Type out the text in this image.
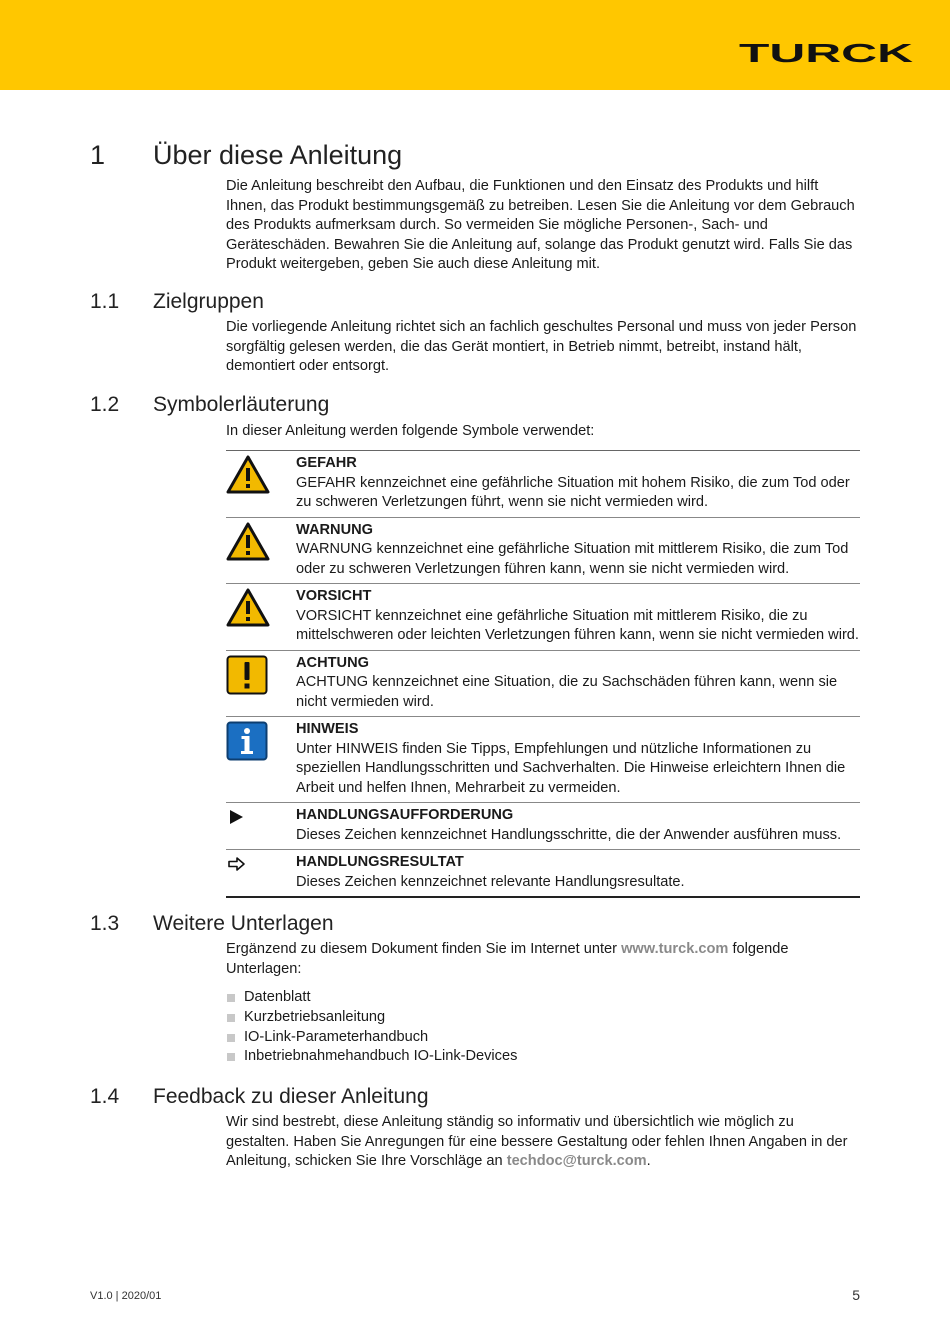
TURCK
1 Über diese Anleitung

Die Anleitung beschreibt den Aufbau, die Funktionen und den Einsatz des Produkts und hilft Ihnen, das Produkt bestimmungsgemäß zu betreiben. Lesen Sie die Anleitung vor dem Gebrauch des Produkts aufmerksam durch. So vermeiden Sie mögliche Personen-, Sach- und Geräteschäden. Bewahren Sie die Anleitung auf, solange das Produkt genutzt wird. Falls Sie das Produkt weitergeben, geben Sie auch diese Anleitung mit.

1.1 Zielgruppen

Die vorliegende Anleitung richtet sich an fachlich geschultes Personal und muss von jeder Person sorgfältig gelesen werden, die das Gerät montiert, in Betrieb nimmt, betreibt, instand hält, demontiert oder entsorgt.

1.2 Symbolerläuterung

In dieser Anleitung werden folgende Symbole verwendet:

GEFAHR
GEFAHR kennzeichnet eine gefährliche Situation mit hohem Risiko, die zum Tod oder zu schweren Verletzungen führt, wenn sie nicht vermieden wird.
WARNUNG
WARNUNG kennzeichnet eine gefährliche Situation mit mittlerem Risiko, die zum Tod oder zu schweren Verletzungen führen kann, wenn sie nicht vermieden wird.
VORSICHT
VORSICHT kennzeichnet eine gefährliche Situation mit mittlerem Risiko, die zu mittelschweren oder leichten Verletzungen führen kann, wenn sie nicht vermieden wird.
ACHTUNG
ACHTUNG kennzeichnet eine Situation, die zu Sachschäden führen kann, wenn sie nicht vermieden wird.
HINWEIS
Unter HINWEIS finden Sie Tipps, Empfehlungen und nützliche Informationen zu speziellen Handlungsschritten und Sachverhalten. Die Hinweise erleichtern Ihnen die Arbeit und helfen Ihnen, Mehrarbeit zu vermeiden.
HANDLUNGSAUFFORDERUNG
Dieses Zeichen kennzeichnet Handlungsschritte, die der Anwender ausführen muss.
HANDLUNGSRESULTAT
Dieses Zeichen kennzeichnet relevante Handlungsresultate.
1.3 Weitere Unterlagen

Ergänzend zu diesem Dokument finden Sie im Internet unter www.turck.com folgende Unterlagen:

Datenblatt
Kurzbetriebsanleitung
IO-Link-Parameterhandbuch
Inbetriebnahmehandbuch IO-Link-Devices
1.4 Feedback zu dieser Anleitung

Wir sind bestrebt, diese Anleitung ständig so informativ und übersichtlich wie möglich zu gestalten. Haben Sie Anregungen für eine bessere Gestaltung oder fehlen Ihnen Angaben in der Anleitung, schicken Sie Ihre Vorschläge an techdoc@turck.com.

V1.0 | 2020/01	5
